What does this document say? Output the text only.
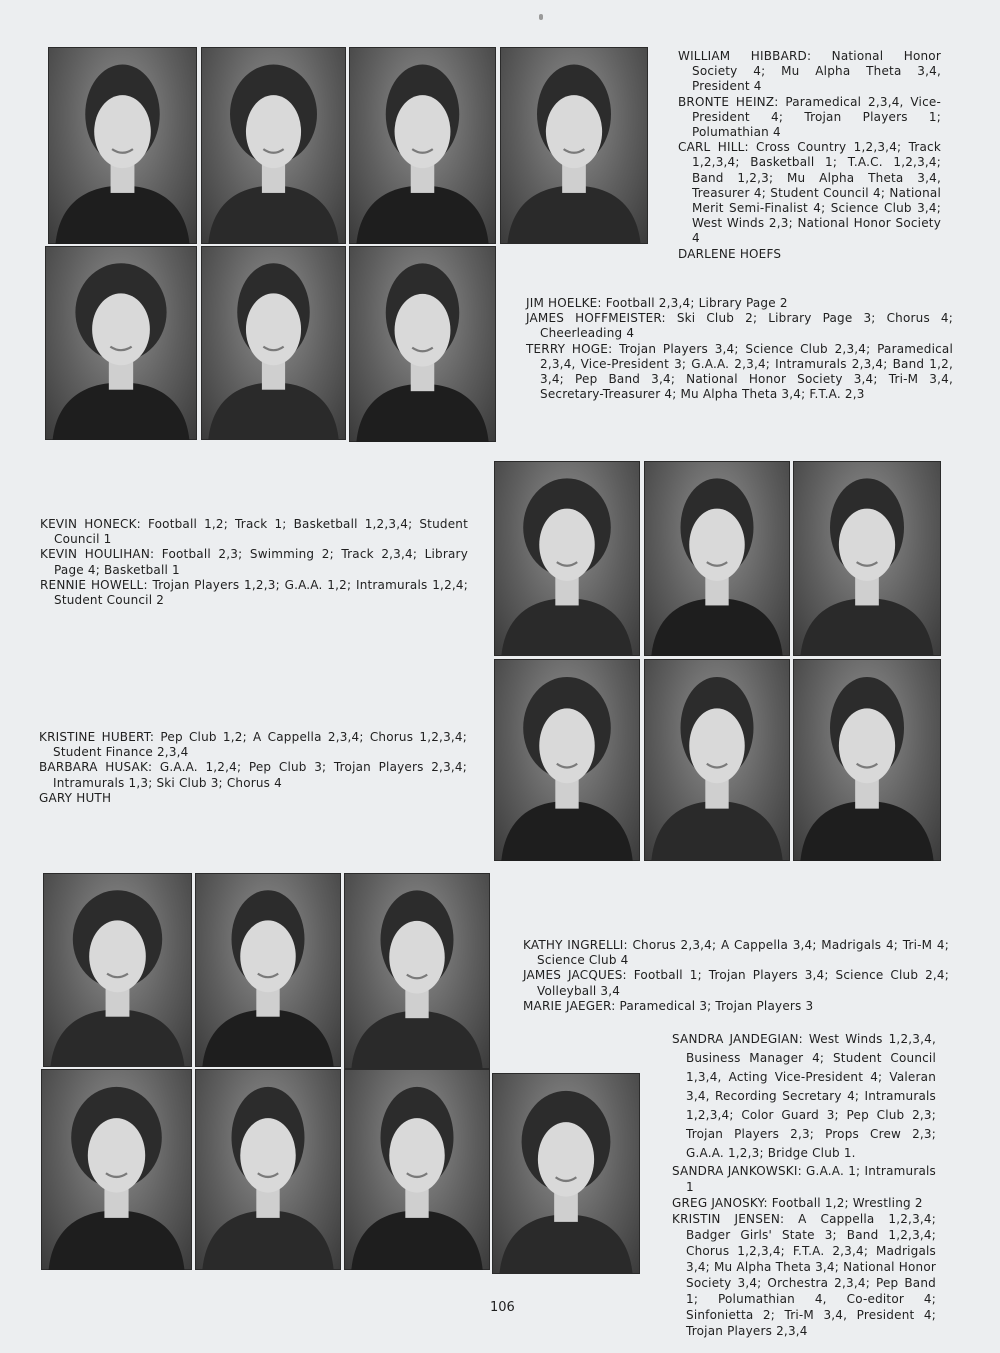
WILLIAM HIBBARD: National Honor Society 4; Mu Alpha Theta 3,4, President 4

BRONTE HEINZ: Paramedical 2,3,4, Vice-President 4; Trojan Players 1; Polumathian 4

CARL HILL: Cross Country 1,2,3,4; Track 1,2,3,4; Basketball 1; T.A.C. 1,2,3,4; Band 1,2,3; Mu Alpha Theta 3,4, Treasurer 4; Student Council 4; National Merit Semi-Finalist 4; Science Club 3,4; West Winds 2,3; National Honor Society 4

DARLENE HOEFS

JIM HOELKE: Football 2,3,4; Library Page 2

JAMES HOFFMEISTER: Ski Club 2; Library Page 3; Chorus 4; Cheerleading 4

TERRY HOGE: Trojan Players 3,4; Science Club 2,3,4; Paramedical 2,3,4, Vice-President 3; G.A.A. 2,3,4; Intramurals 2,3,4; Band 1,2, 3,4; Pep Band 3,4; National Honor Society 3,4; Tri-M 3,4, Secretary-Treasurer 4; Mu Alpha Theta 3,4; F.T.A. 2,3

KEVIN HONECK: Football 1,2; Track 1; Basketball 1,2,3,4; Student Council 1

KEVIN HOULIHAN: Football 2,3; Swimming 2; Track 2,3,4; Library Page 4; Basketball 1

RENNIE HOWELL: Trojan Players 1,2,3; G.A.A. 1,2; Intramurals 1,2,4; Student Council 2

KRISTINE HUBERT: Pep Club 1,2; A Cappella 2,3,4; Chorus 1,2,3,4; Student Finance 2,3,4

BARBARA HUSAK: G.A.A. 1,2,4; Pep Club 3; Trojan Players 2,3,4; Intramurals 1,3; Ski Club 3; Chorus 4

GARY HUTH

KATHY INGRELLI: Chorus 2,3,4; A Cappella 3,4; Madrigals 4; Tri-M 4; Science Club 4

JAMES JACQUES: Football 1; Trojan Players 3,4; Science Club 2,4; Volleyball 3,4

MARIE JAEGER: Paramedical 3; Trojan Players 3

SANDRA JANDEGIAN: West Winds 1,2,3,4, Business Manager 4; Student Council 1,3,4, Acting Vice-President 4; Valeran 3,4, Recording Secretary 4; Intramurals 1,2,3,4; Color Guard 3; Pep Club 2,3; Trojan Players 2,3; Props Crew 2,3; G.A.A. 1,2,3; Bridge Club 1.

SANDRA JANKOWSKI: G.A.A. 1; Intramurals 1

GREG JANOSKY: Football 1,2; Wrestling 2

KRISTIN JENSEN: A Cappella 1,2,3,4; Badger Girls' State 3; Band 1,2,3,4; Chorus 1,2,3,4; F.T.A. 2,3,4; Madrigals 3,4; Mu Alpha Theta 3,4; National Honor Society 3,4; Orchestra 2,3,4; Pep Band 1; Polumathian 4, Co-editor 4; Sinfonietta 2; Tri-M 3,4, President 4; Trojan Players 2,3,4

106
